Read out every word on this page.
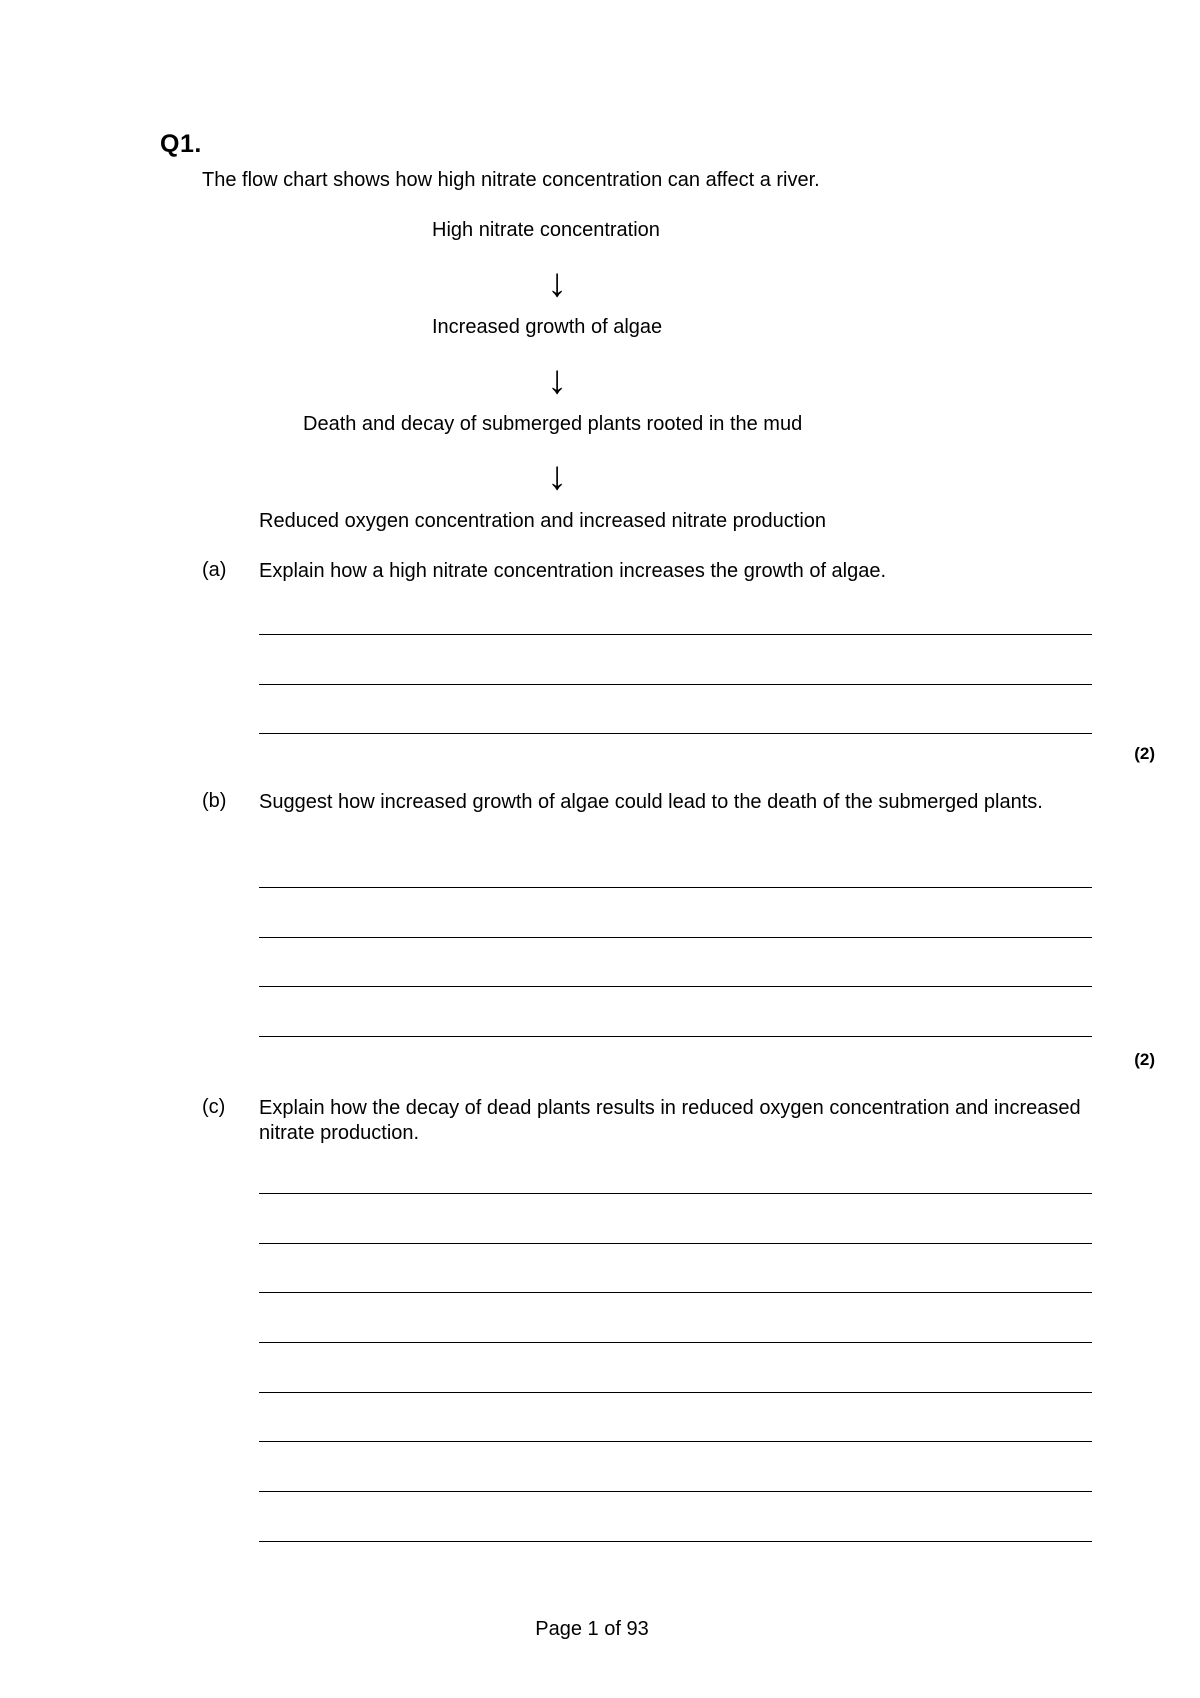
Q1.
The flow chart shows how high nitrate concentration can affect a river.
High nitrate concentration
↓
Increased growth of algae
↓
Death and decay of submerged plants rooted in the mud
↓
Reduced oxygen concentration and increased nitrate production
(a) Explain how a high nitrate concentration increases the growth of algae.
(2)
(b) Suggest how increased growth of algae could lead to the death of the submerged plants.
(2)
(c) Explain how the decay of dead plants results in reduced oxygen concentration and increased nitrate production.
Page 1 of 93
